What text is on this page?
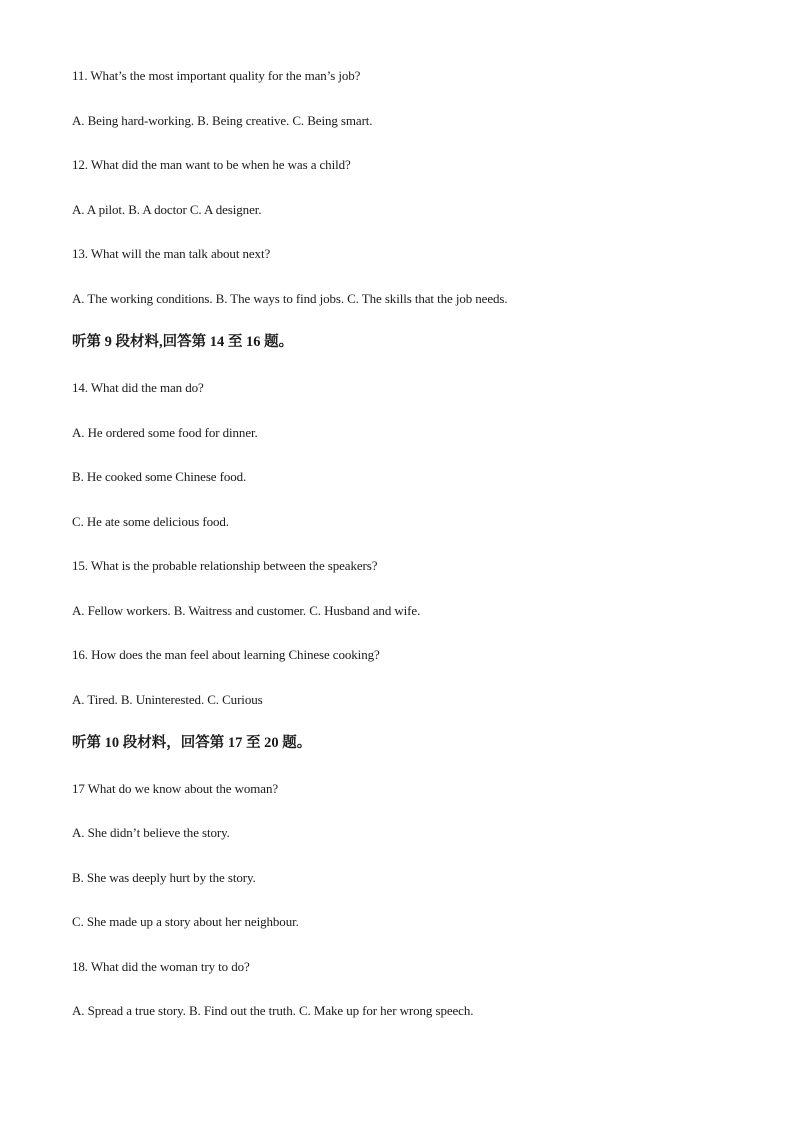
11. What’s the most important quality for the man’s job?
A. Being hard-working. B. Being creative. C. Being smart.
12. What did the man want to be when he was a child?
A. A pilot. B. A doctor C. A designer.
13. What will the man talk about next?
A. The working conditions. B. The ways to find jobs. C. The skills that the job needs.
听第 9 段材料,回答第 14 至 16 题。
14. What did the man do?
A. He ordered some food for dinner.
B. He cooked some Chinese food.
C. He ate some delicious food.
15. What is the probable relationship between the speakers?
A. Fellow workers. B. Waitress and customer. C. Husband and wife.
16. How does the man feel about learning Chinese cooking?
A. Tired. B. Uninterested. C. Curious
听第 10 段材料，回答第 17 至 20 题。
17 What do we know about the woman?
A. She didn’t believe the story.
B. She was deeply hurt by the story.
C. She made up a story about her neighbour.
18. What did the woman try to do?
A. Spread a true story. B. Find out the truth. C. Make up for her wrong speech.
